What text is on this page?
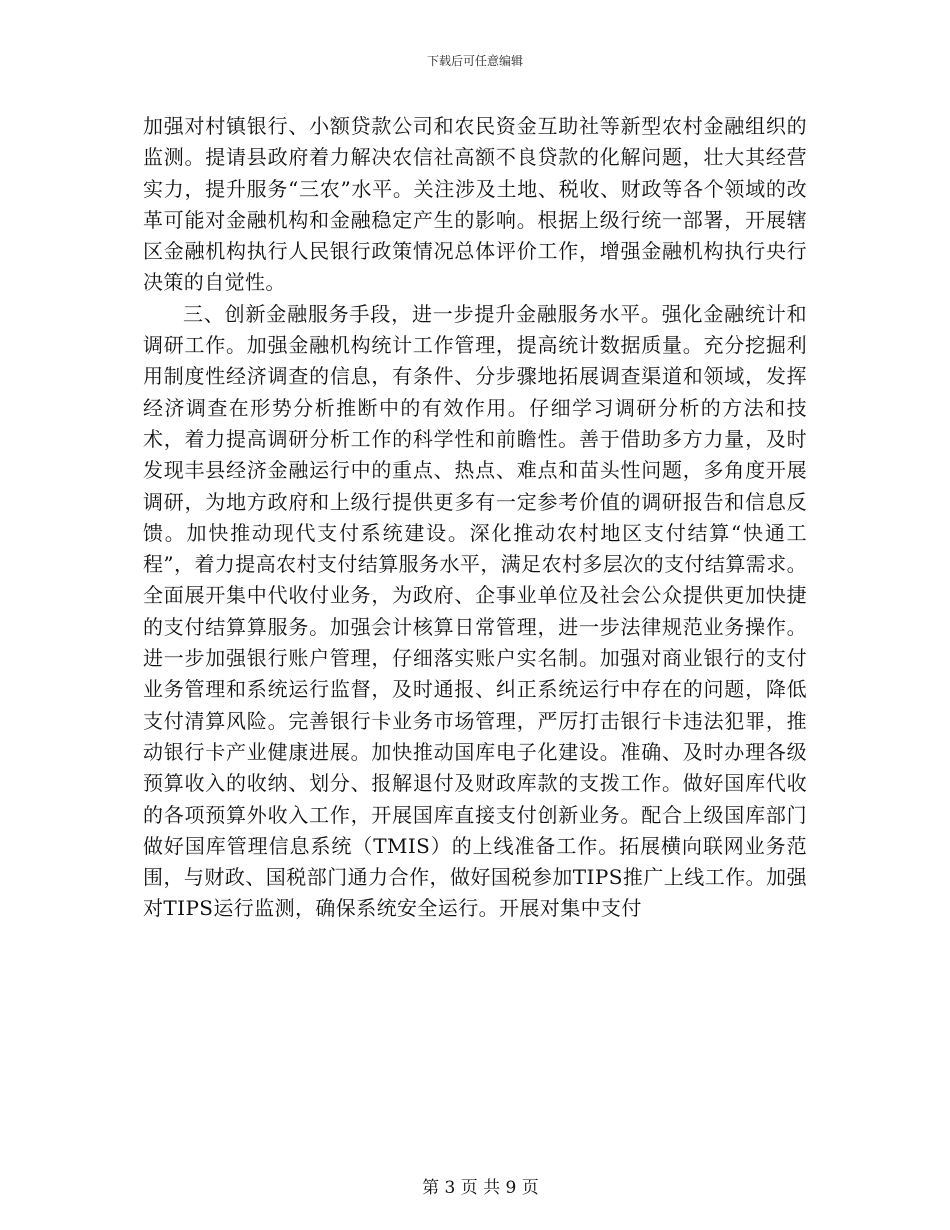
下载后可任意编辑

加强对村镇银行、小额贷款公司和农民资金互助社等新型农村金融组织的监测。提请县政府着力解决农信社高额不良贷款的化解问题，壮大其经营实力，提升服务“三农”水平。关注涉及土地、税收、财政等各个领域的改革可能对金融机构和金融稳定产生的影响。根据上级行统一部署，开展辖区金融机构执行人民银行政策情况总体评价工作，增强金融机构执行央行决策的自觉性。

三、创新金融服务手段，进一步提升金融服务水平。强化金融统计和调研工作。加强金融机构统计工作管理，提高统计数据质量。充分挖掘利用制度性经济调查的信息，有条件、分步骤地拓展调查渠道和领域，发挥经济调查在形势分析推断中的有效作用。仔细学习调研分析的方法和技术，着力提高调研分析工作的科学性和前瞻性。善于借助多方力量，及时发现丰县经济金融运行中的重点、热点、难点和苗头性问题，多角度开展调研，为地方政府和上级行提供更多有一定参考价值的调研报告和信息反馈。加快推动现代支付系统建设。深化推动农村地区支付结算“快通工程”，着力提高农村支付结算服务水平，满足农村多层次的支付结算需求。全面展开集中代收付业务，为政府、企事业单位及社会公众提供更加快捷的支付结算算服务。加强会计核算日常管理，进一步法律规范业务操作。进一步加强银行账户管理，仔细落实账户实名制。加强对商业银行的支付业务管理和系统运行监督，及时通报、纠正系统运行中存在的问题，降低支付清算风险。完善银行卡业务市场管理，严厉打击银行卡违法犯罪，推动银行卡产业健康进展。加快推动国库电子化建设。准确、及时办理各级预算收入的收纳、划分、报解退付及财政库款的支拨工作。做好国库代收的各项预算外收入工作，开展国库直接支付创新业务。配合上级国库部门做好国库管理信息系统（TMIS）的上线准备工作。拓展横向联网业务范围，与财政、国税部门通力合作，做好国税参加TIPS推广上线工作。加强对TIPS运行监测，确保系统安全运行。开展对集中支付

第 3 页 共 9 页
